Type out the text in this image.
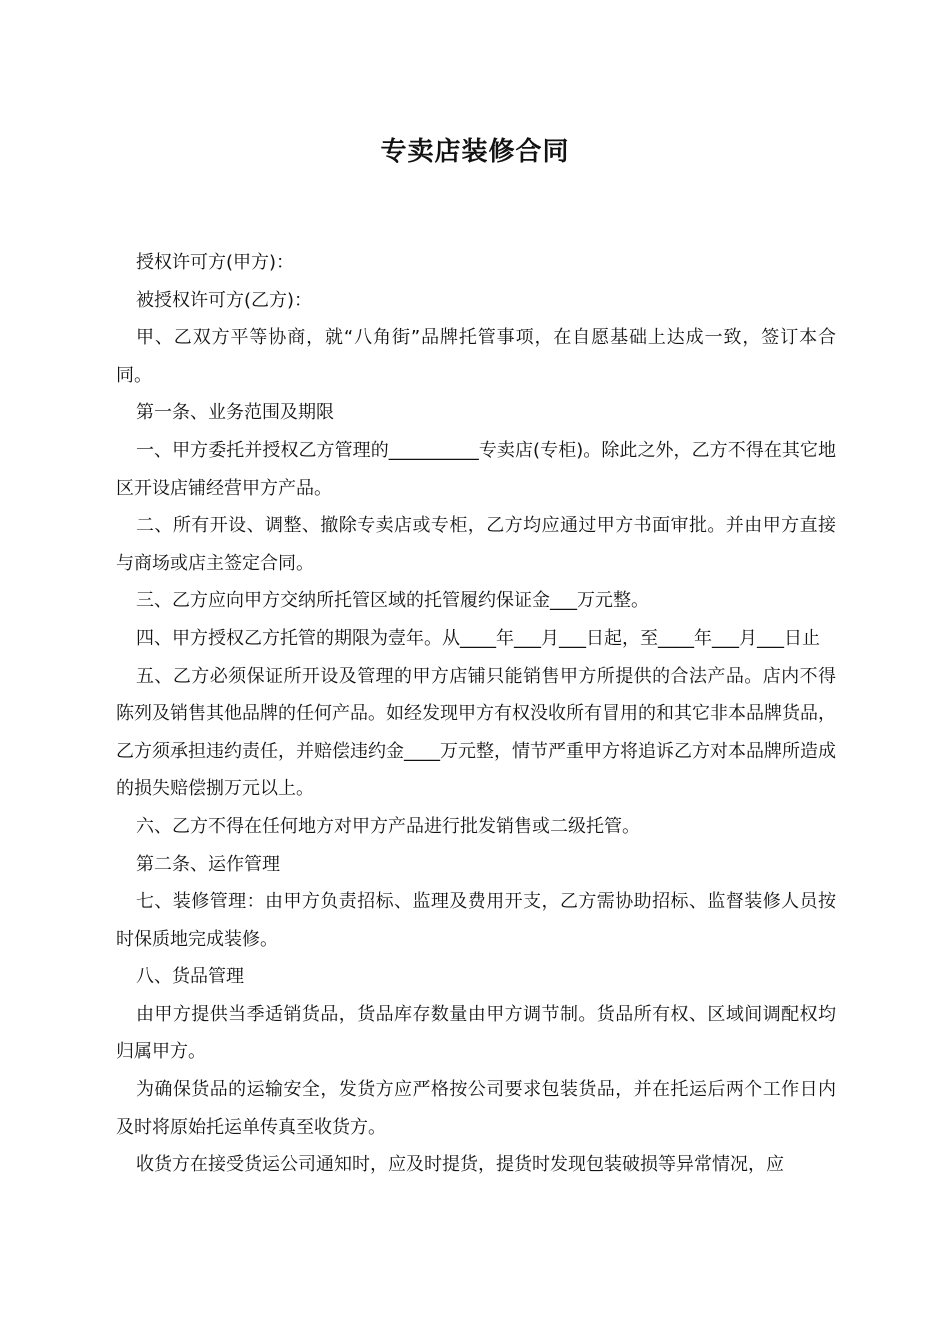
专卖店装修合同

授权许可方(甲方)：

被授权许可方(乙方)：

甲、乙双方平等协商，就“八角街”品牌托管事项，在自愿基础上达成一致，签订本合同。

第一条、业务范围及期限

一、甲方委托并授权乙方管理的__________专卖店(专柜)。除此之外，乙方不得在其它地区开设店铺经营甲方产品。

二、所有开设、调整、撤除专卖店或专柜，乙方均应通过甲方书面审批。并由甲方直接与商场或店主签定合同。

三、乙方应向甲方交纳所托管区域的托管履约保证金___万元整。

四、甲方授权乙方托管的期限为壹年。从____年___月___日起，至____年___月___日止

五、乙方必须保证所开设及管理的甲方店铺只能销售甲方所提供的合法产品。店内不得陈列及销售其他品牌的任何产品。如经发现甲方有权没收所有冒用的和其它非本品牌货品，乙方须承担违约责任，并赔偿违约金____万元整，情节严重甲方将追诉乙方对本品牌所造成的损失赔偿捌万元以上。

六、乙方不得在任何地方对甲方产品进行批发销售或二级托管。

第二条、运作管理

七、装修管理：由甲方负责招标、监理及费用开支，乙方需协助招标、监督装修人员按时保质地完成装修。

八、货品管理

由甲方提供当季适销货品，货品库存数量由甲方调节制。货品所有权、区域间调配权均归属甲方。

为确保货品的运输安全，发货方应严格按公司要求包装货品，并在托运后两个工作日内及时将原始托运单传真至收货方。

收货方在接受货运公司通知时，应及时提货，提货时发现包装破损等异常情况，应
